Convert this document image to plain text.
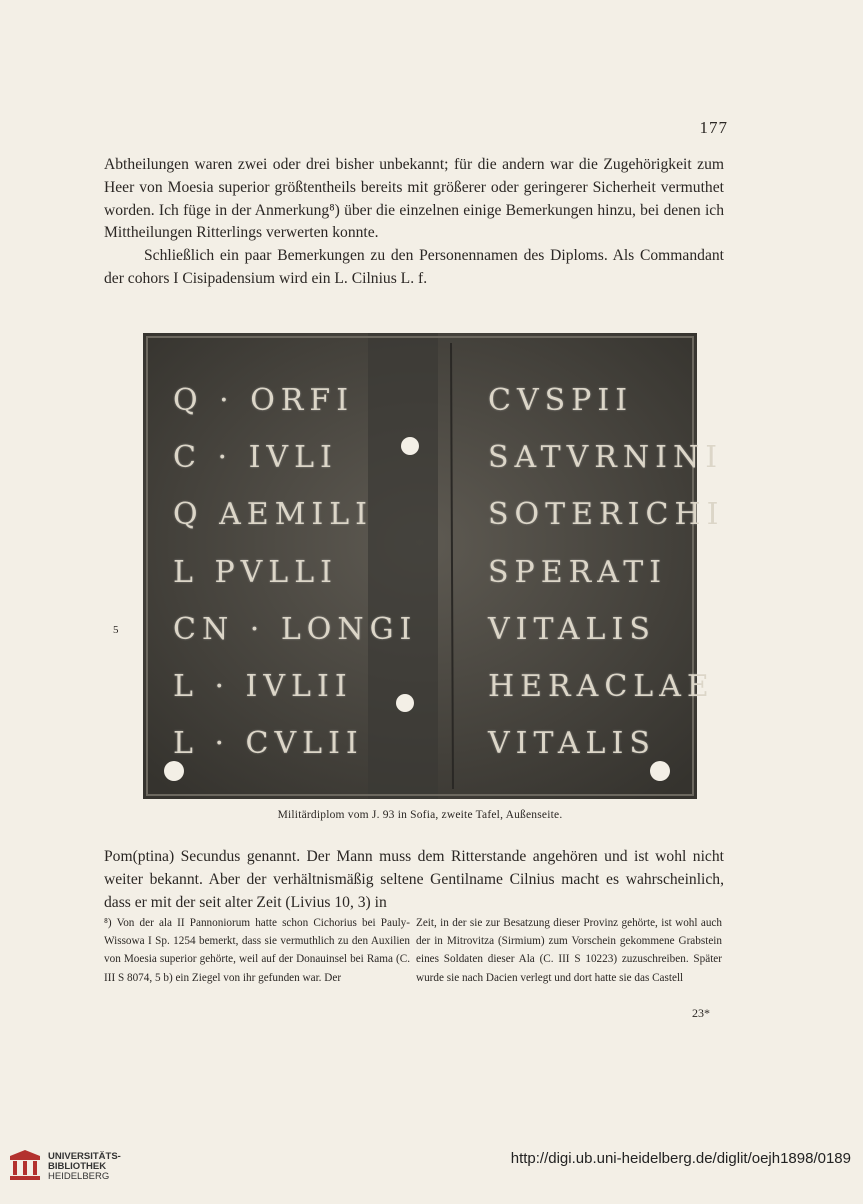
177

Abtheilungen waren zwei oder drei bisher unbekannt; für die andern war die Zugehörigkeit zum Heer von Moesia superior größtentheils bereits mit größerer oder geringerer Sicherheit vermuthet worden. Ich füge in der Anmerkung⁸) über die einzelnen einige Bemerkungen hinzu, bei denen ich Mittheilungen Ritterlings verwerten konnte.

Schließlich ein paar Bemerkungen zu den Personennamen des Diploms. Als Commandant der cohors I Cisipadensium wird ein L. Cilnius L. f.

Q · ORFI
C · IVLI
Q AEMILI
L PVLLI
CN · LONGI
L · IVLII
L · CVLII
CVSPII
SATVRNINI
SOTERICHI
SPERATI
VITALIS
HERACLAE
VITALIS
5
Militärdiplom vom J. 93 in Sofia, zweite Tafel, Außenseite.

Pom(ptina) Secundus genannt. Der Mann muss dem Ritterstande angehören und ist wohl nicht weiter bekannt. Aber der verhältnismäßig seltene Gentilname Cilnius macht es wahrscheinlich, dass er mit der seit alter Zeit (Livius 10, 3) in

⁸) Von der ala II Pannoniorum hatte schon Cichorius bei Pauly-Wissowa I Sp. 1254 bemerkt, dass sie vermuthlich zu den Auxilien von Moesia superior gehörte, weil auf der Donauinsel bei Rama (C. III S 8074, 5 b) ein Ziegel von ihr gefunden war. Der
Zeit, in der sie zur Besatzung dieser Provinz gehörte, ist wohl auch der in Mitrovitza (Sirmium) zum Vorschein gekommene Grabstein eines Soldaten dieser Ala (C. III S 10223) zuzuschreiben. Später wurde sie nach Dacien verlegt und dort hatte sie das Castell
23*
UNIVERSITÄTS-
BIBLIOTHEK
HEIDELBERG
http://digi.ub.uni-heidelberg.de/diglit/oejh1898/0189
